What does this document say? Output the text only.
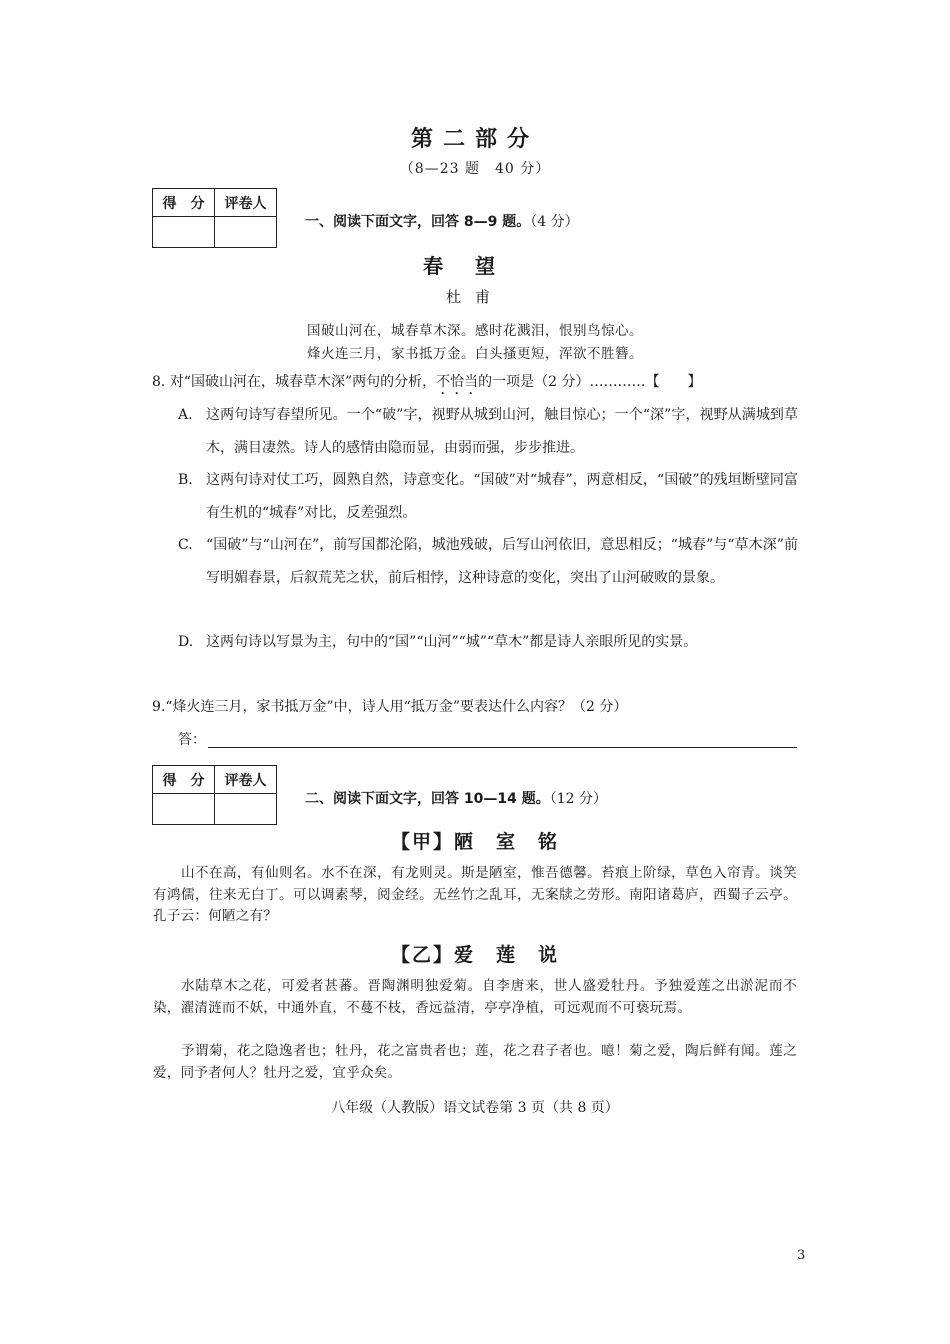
第二部分
（8—23 题　40 分）
得　分	评卷人

一、阅读下面文字，回答 8—9 题。（4 分）
春望
杜甫
国破山河在，城春草木深。感时花溅泪，恨别鸟惊心。
烽火连三月，家书抵万金。白头搔更短，浑欲不胜簪。
8. 对“国破山河在，城春草木深”两句的分析，不恰当的一项是（2 分）…………【　　】
A. 这两句诗写春望所见。一个“破”字，视野从城到山河，触目惊心；一个“深”字，视野从满城到草木，满目凄然。诗人的感情由隐而显，由弱而强，步步推进。
B. 这两句诗对仗工巧，圆熟自然，诗意变化。“国破”对“城春”，两意相反，“国破”的残垣断壁同富有生机的“城春”对比，反差强烈。
C. “国破”与“山河在”，前写国都沦陷，城池残破，后写山河依旧，意思相反；“城春”与“草木深”前写明媚春景，后叙荒芜之状，前后相悖，这种诗意的变化，突出了山河破败的景象。
D. 这两句诗以写景为主，句中的“国”“山河”“城”“草木”都是诗人亲眼所见的实景。
9.“烽火连三月，家书抵万金”中，诗人用“抵万金”要表达什么内容？（2 分）
答：
得　分	评卷人

二、阅读下面文字，回答 10—14 题。（12 分）
【甲】陋　室　铭
山不在高，有仙则名。水不在深，有龙则灵。斯是陋室，惟吾德馨。苔痕上阶绿，草色入帘青。谈笑有鸿儒，往来无白丁。可以调素琴，阅金经。无丝竹之乱耳，无案牍之劳形。南阳诸葛庐，西蜀子云亭。孔子云：何陋之有？
【乙】爱　莲　说
水陆草木之花，可爱者甚蕃。晋陶渊明独爱菊。自李唐来，世人盛爱牡丹。予独爱莲之出淤泥而不染，濯清涟而不妖，中通外直，不蔓不枝，香远益清，亭亭净植，可远观而不可亵玩焉。
予谓菊，花之隐逸者也；牡丹，花之富贵者也；莲，花之君子者也。噫！菊之爱，陶后鲜有闻。莲之爱，同予者何人？牡丹之爱，宜乎众矣。
八年级（人教版）语文试卷第 3 页（共 8 页）
3
